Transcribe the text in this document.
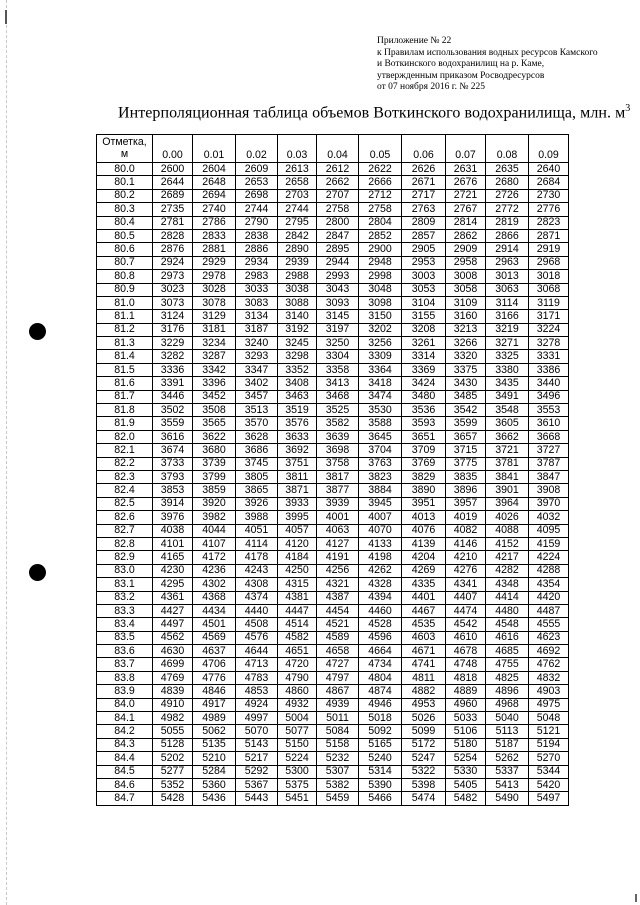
Приложение № 22
к Правилам использования водных ресурсов Камского
и Воткинского водохранилищ на р. Каме,
утвержденным приказом Росводресурсов
от 07 ноября 2016 г. № 225
Интерполяционная таблица объемов Воткинского водохранилища, млн. $м^3$
Отметка,
м	0.00	0.01	0.02	0.03	0.04	0.05	0.06	0.07	0.08	0.09
80.0	2600	2604	2609	2613	2612	2622	2626	2631	2635	2640
80.1	2644	2648	2653	2658	2662	2666	2671	2676	2680	2684
80.2	2689	2694	2698	2703	2707	2712	2717	2721	2726	2730
80.3	2735	2740	2744	2744	2758	2758	2763	2767	2772	2776
80.4	2781	2786	2790	2795	2800	2804	2809	2814	2819	2823
80.5	2828	2833	2838	2842	2847	2852	2857	2862	2866	2871
80.6	2876	2881	2886	2890	2895	2900	2905	2909	2914	2919
80.7	2924	2929	2934	2939	2944	2948	2953	2958	2963	2968
80.8	2973	2978	2983	2988	2993	2998	3003	3008	3013	3018
80.9	3023	3028	3033	3038	3043	3048	3053	3058	3063	3068
81.0	3073	3078	3083	3088	3093	3098	3104	3109	3114	3119
81.1	3124	3129	3134	3140	3145	3150	3155	3160	3166	3171
81.2	3176	3181	3187	3192	3197	3202	3208	3213	3219	3224
81.3	3229	3234	3240	3245	3250	3256	3261	3266	3271	3278
81.4	3282	3287	3293	3298	3304	3309	3314	3320	3325	3331
81.5	3336	3342	3347	3352	3358	3364	3369	3375	3380	3386
81.6	3391	3396	3402	3408	3413	3418	3424	3430	3435	3440
81.7	3446	3452	3457	3463	3468	3474	3480	3485	3491	3496
81.8	3502	3508	3513	3519	3525	3530	3536	3542	3548	3553
81.9	3559	3565	3570	3576	3582	3588	3593	3599	3605	3610
82.0	3616	3622	3628	3633	3639	3645	3651	3657	3662	3668
82.1	3674	3680	3686	3692	3698	3704	3709	3715	3721	3727
82.2	3733	3739	3745	3751	3758	3763	3769	3775	3781	3787
82.3	3793	3799	3805	3811	3817	3823	3829	3835	3841	3847
82.4	3853	3859	3865	3871	3877	3884	3890	3896	3901	3908
82.5	3914	3920	3926	3933	3939	3945	3951	3957	3964	3970
82.6	3976	3982	3988	3995	4001	4007	4013	4019	4026	4032
82.7	4038	4044	4051	4057	4063	4070	4076	4082	4088	4095
82.8	4101	4107	4114	4120	4127	4133	4139	4146	4152	4159
82.9	4165	4172	4178	4184	4191	4198	4204	4210	4217	4224
83.0	4230	4236	4243	4250	4256	4262	4269	4276	4282	4288
83.1	4295	4302	4308	4315	4321	4328	4335	4341	4348	4354
83.2	4361	4368	4374	4381	4387	4394	4401	4407	4414	4420
83.3	4427	4434	4440	4447	4454	4460	4467	4474	4480	4487
83.4	4497	4501	4508	4514	4521	4528	4535	4542	4548	4555
83.5	4562	4569	4576	4582	4589	4596	4603	4610	4616	4623
83.6	4630	4637	4644	4651	4658	4664	4671	4678	4685	4692
83.7	4699	4706	4713	4720	4727	4734	4741	4748	4755	4762
83.8	4769	4776	4783	4790	4797	4804	4811	4818	4825	4832
83.9	4839	4846	4853	4860	4867	4874	4882	4889	4896	4903
84.0	4910	4917	4924	4932	4939	4946	4953	4960	4968	4975
84.1	4982	4989	4997	5004	5011	5018	5026	5033	5040	5048
84.2	5055	5062	5070	5077	5084	5092	5099	5106	5113	5121
84.3	5128	5135	5143	5150	5158	5165	5172	5180	5187	5194
84.4	5202	5210	5217	5224	5232	5240	5247	5254	5262	5270
84.5	5277	5284	5292	5300	5307	5314	5322	5330	5337	5344
84.6	5352	5360	5367	5375	5382	5390	5398	5405	5413	5420
84.7	5428	5436	5443	5451	5459	5466	5474	5482	5490	5497
